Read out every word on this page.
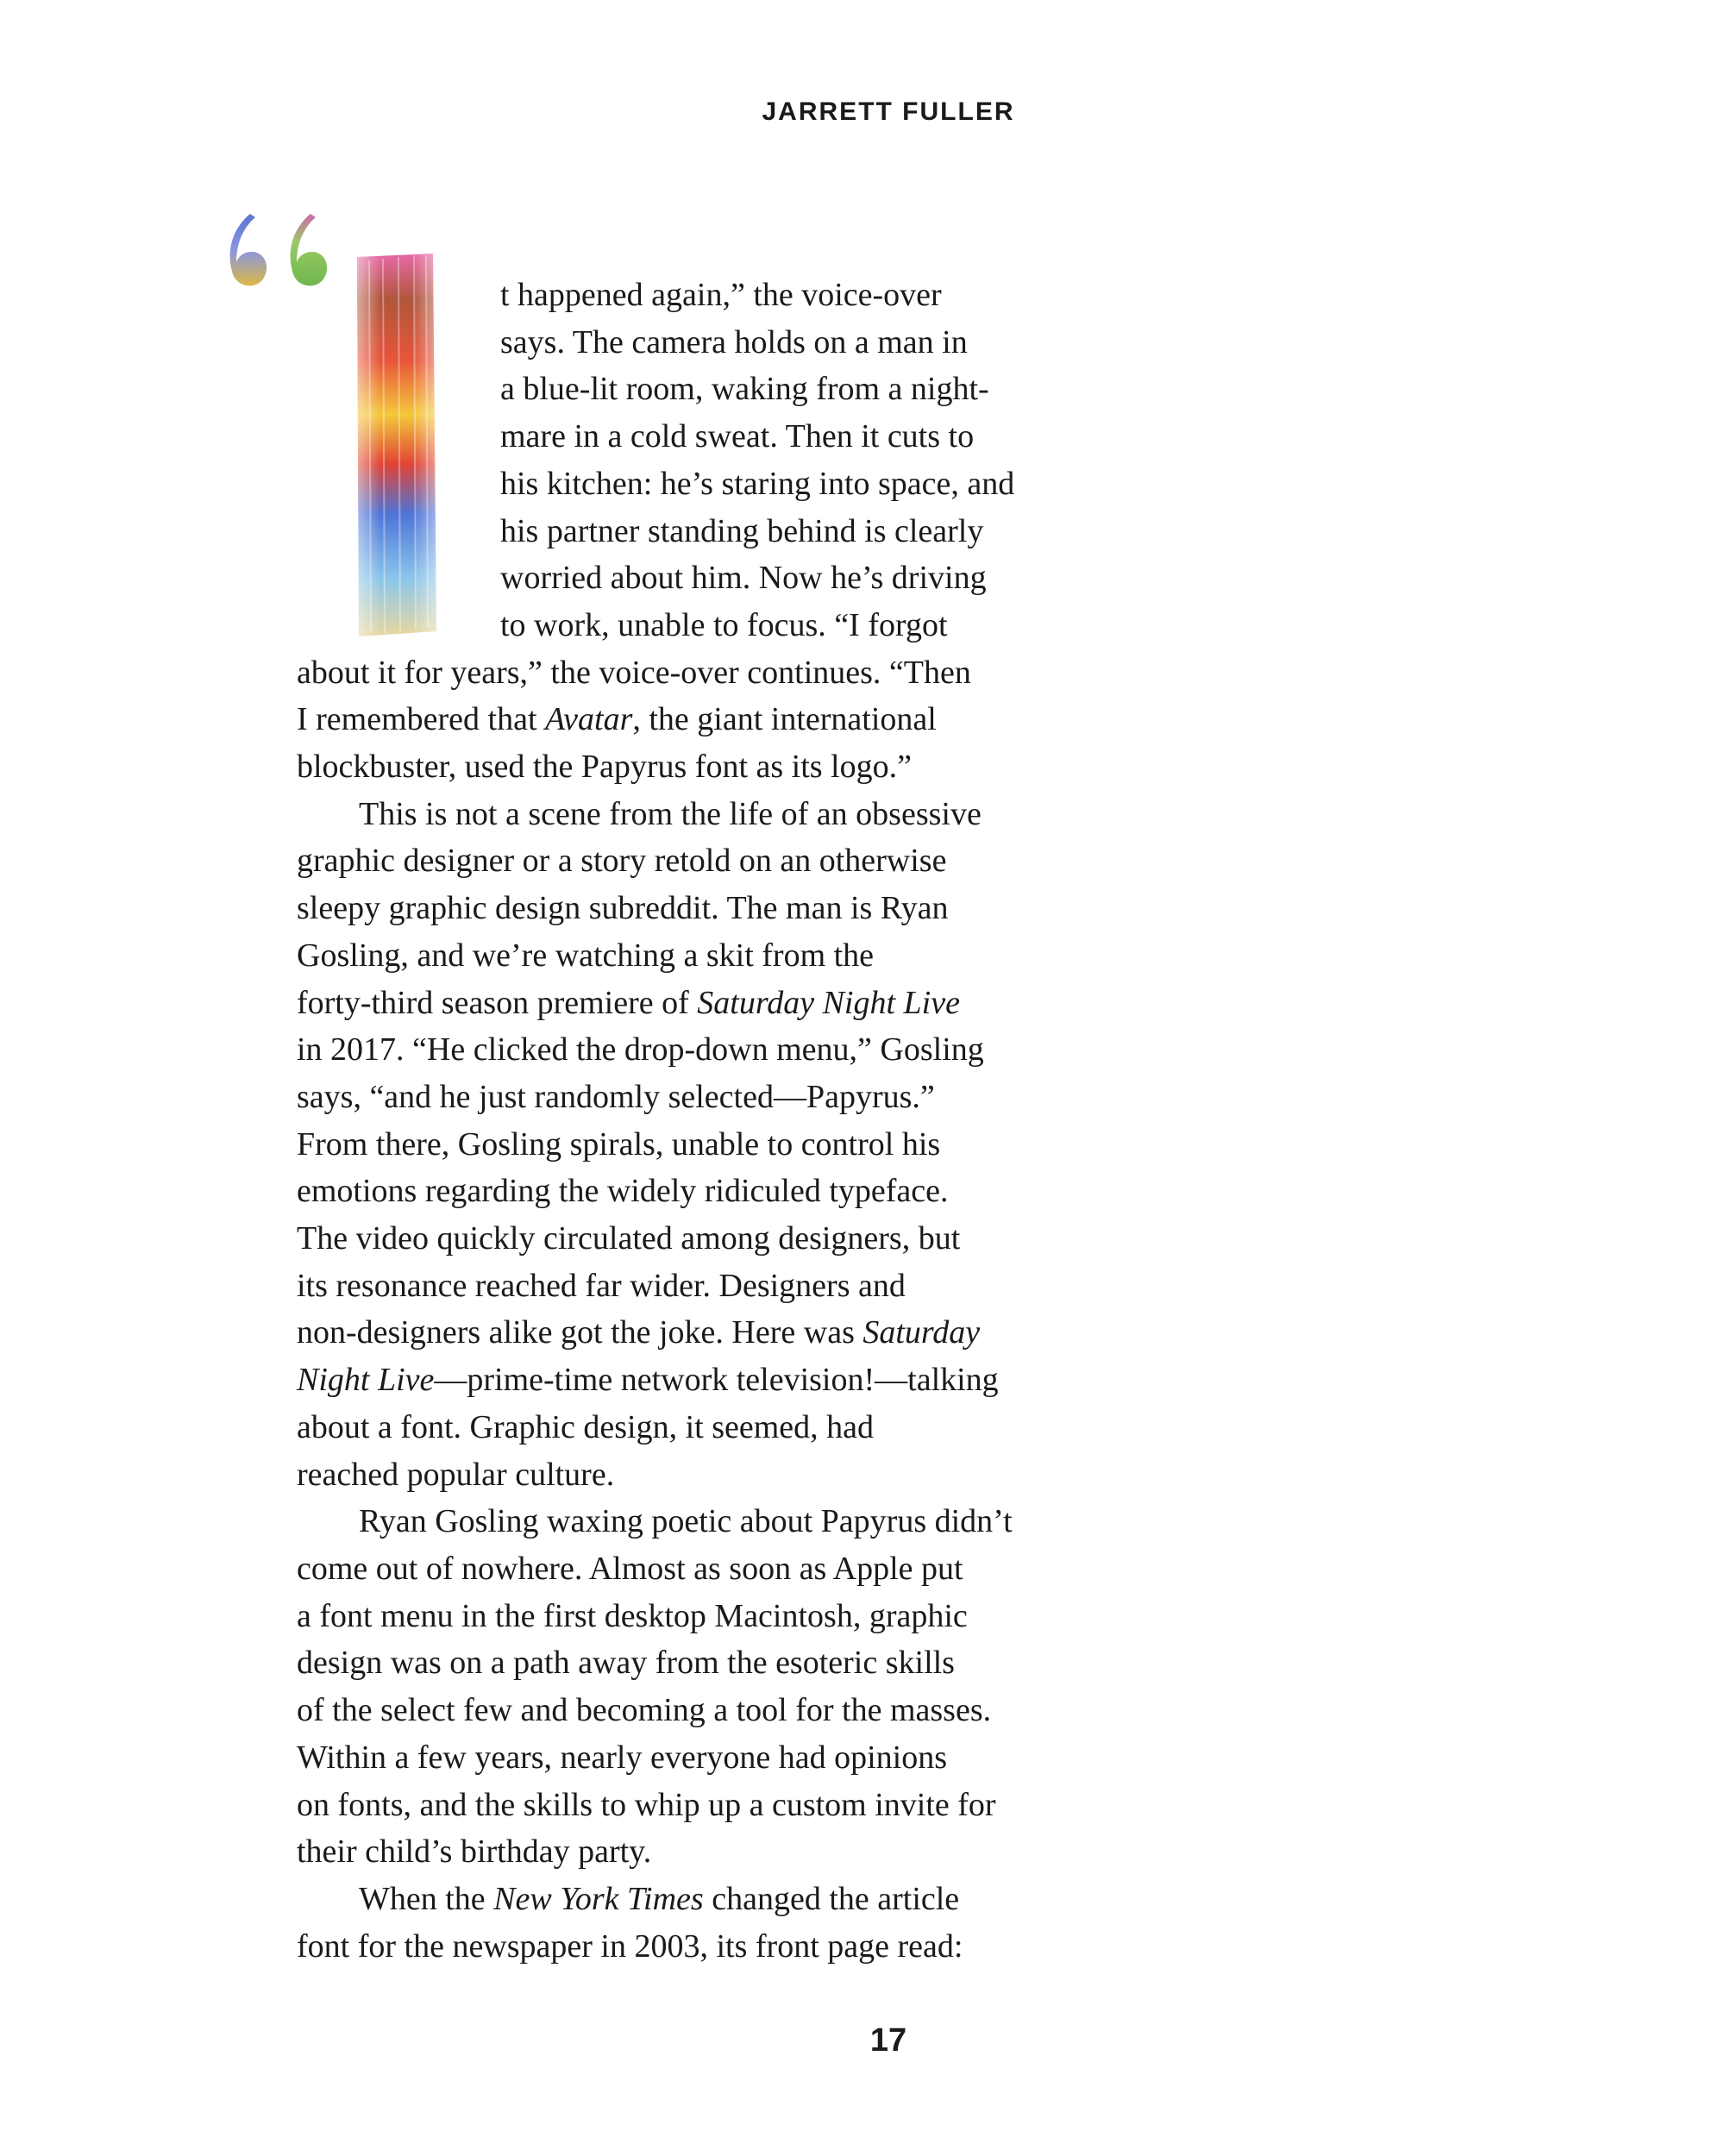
JARRETT FULLER
t happened again,” the voice-over
says. The camera holds on a man in
a blue-lit room, waking from a night-
mare in a cold sweat. Then it cuts to
his kitchen: he’s staring into space, and
his partner standing behind is clearly
worried about him. Now he’s driving
to work, unable to focus. “I forgot
about it for years,” the voice-over continues. “Then
I remembered that Avatar, the giant international
blockbuster, used the Papyrus font as its logo.”
This is not a scene from the life of an obsessive
graphic designer or a story retold on an otherwise
sleepy graphic design subreddit. The man is Ryan
Gosling, and we’re watching a skit from the
forty-third season premiere of Saturday Night Live
in 2017. “He clicked the drop-down menu,” Gosling
says, “and he just randomly selected—Papyrus.”
From there, Gosling spirals, unable to control his
emotions regarding the widely ridiculed typeface.
The video quickly circulated among designers, but
its resonance reached far wider. Designers and
non-designers alike got the joke. Here was Saturday
Night Live—prime-time network television!—talking
about a font. Graphic design, it seemed, had
reached popular culture.
Ryan Gosling waxing poetic about Papyrus didn’t
come out of nowhere. Almost as soon as Apple put
a font menu in the first desktop Macintosh, graphic
design was on a path away from the esoteric skills
of the select few and becoming a tool for the masses.
Within a few years, nearly everyone had opinions
on fonts, and the skills to whip up a custom invite for
their child’s birthday party.
When the New York Times changed the article
font for the newspaper in 2003, its front page read:
17
